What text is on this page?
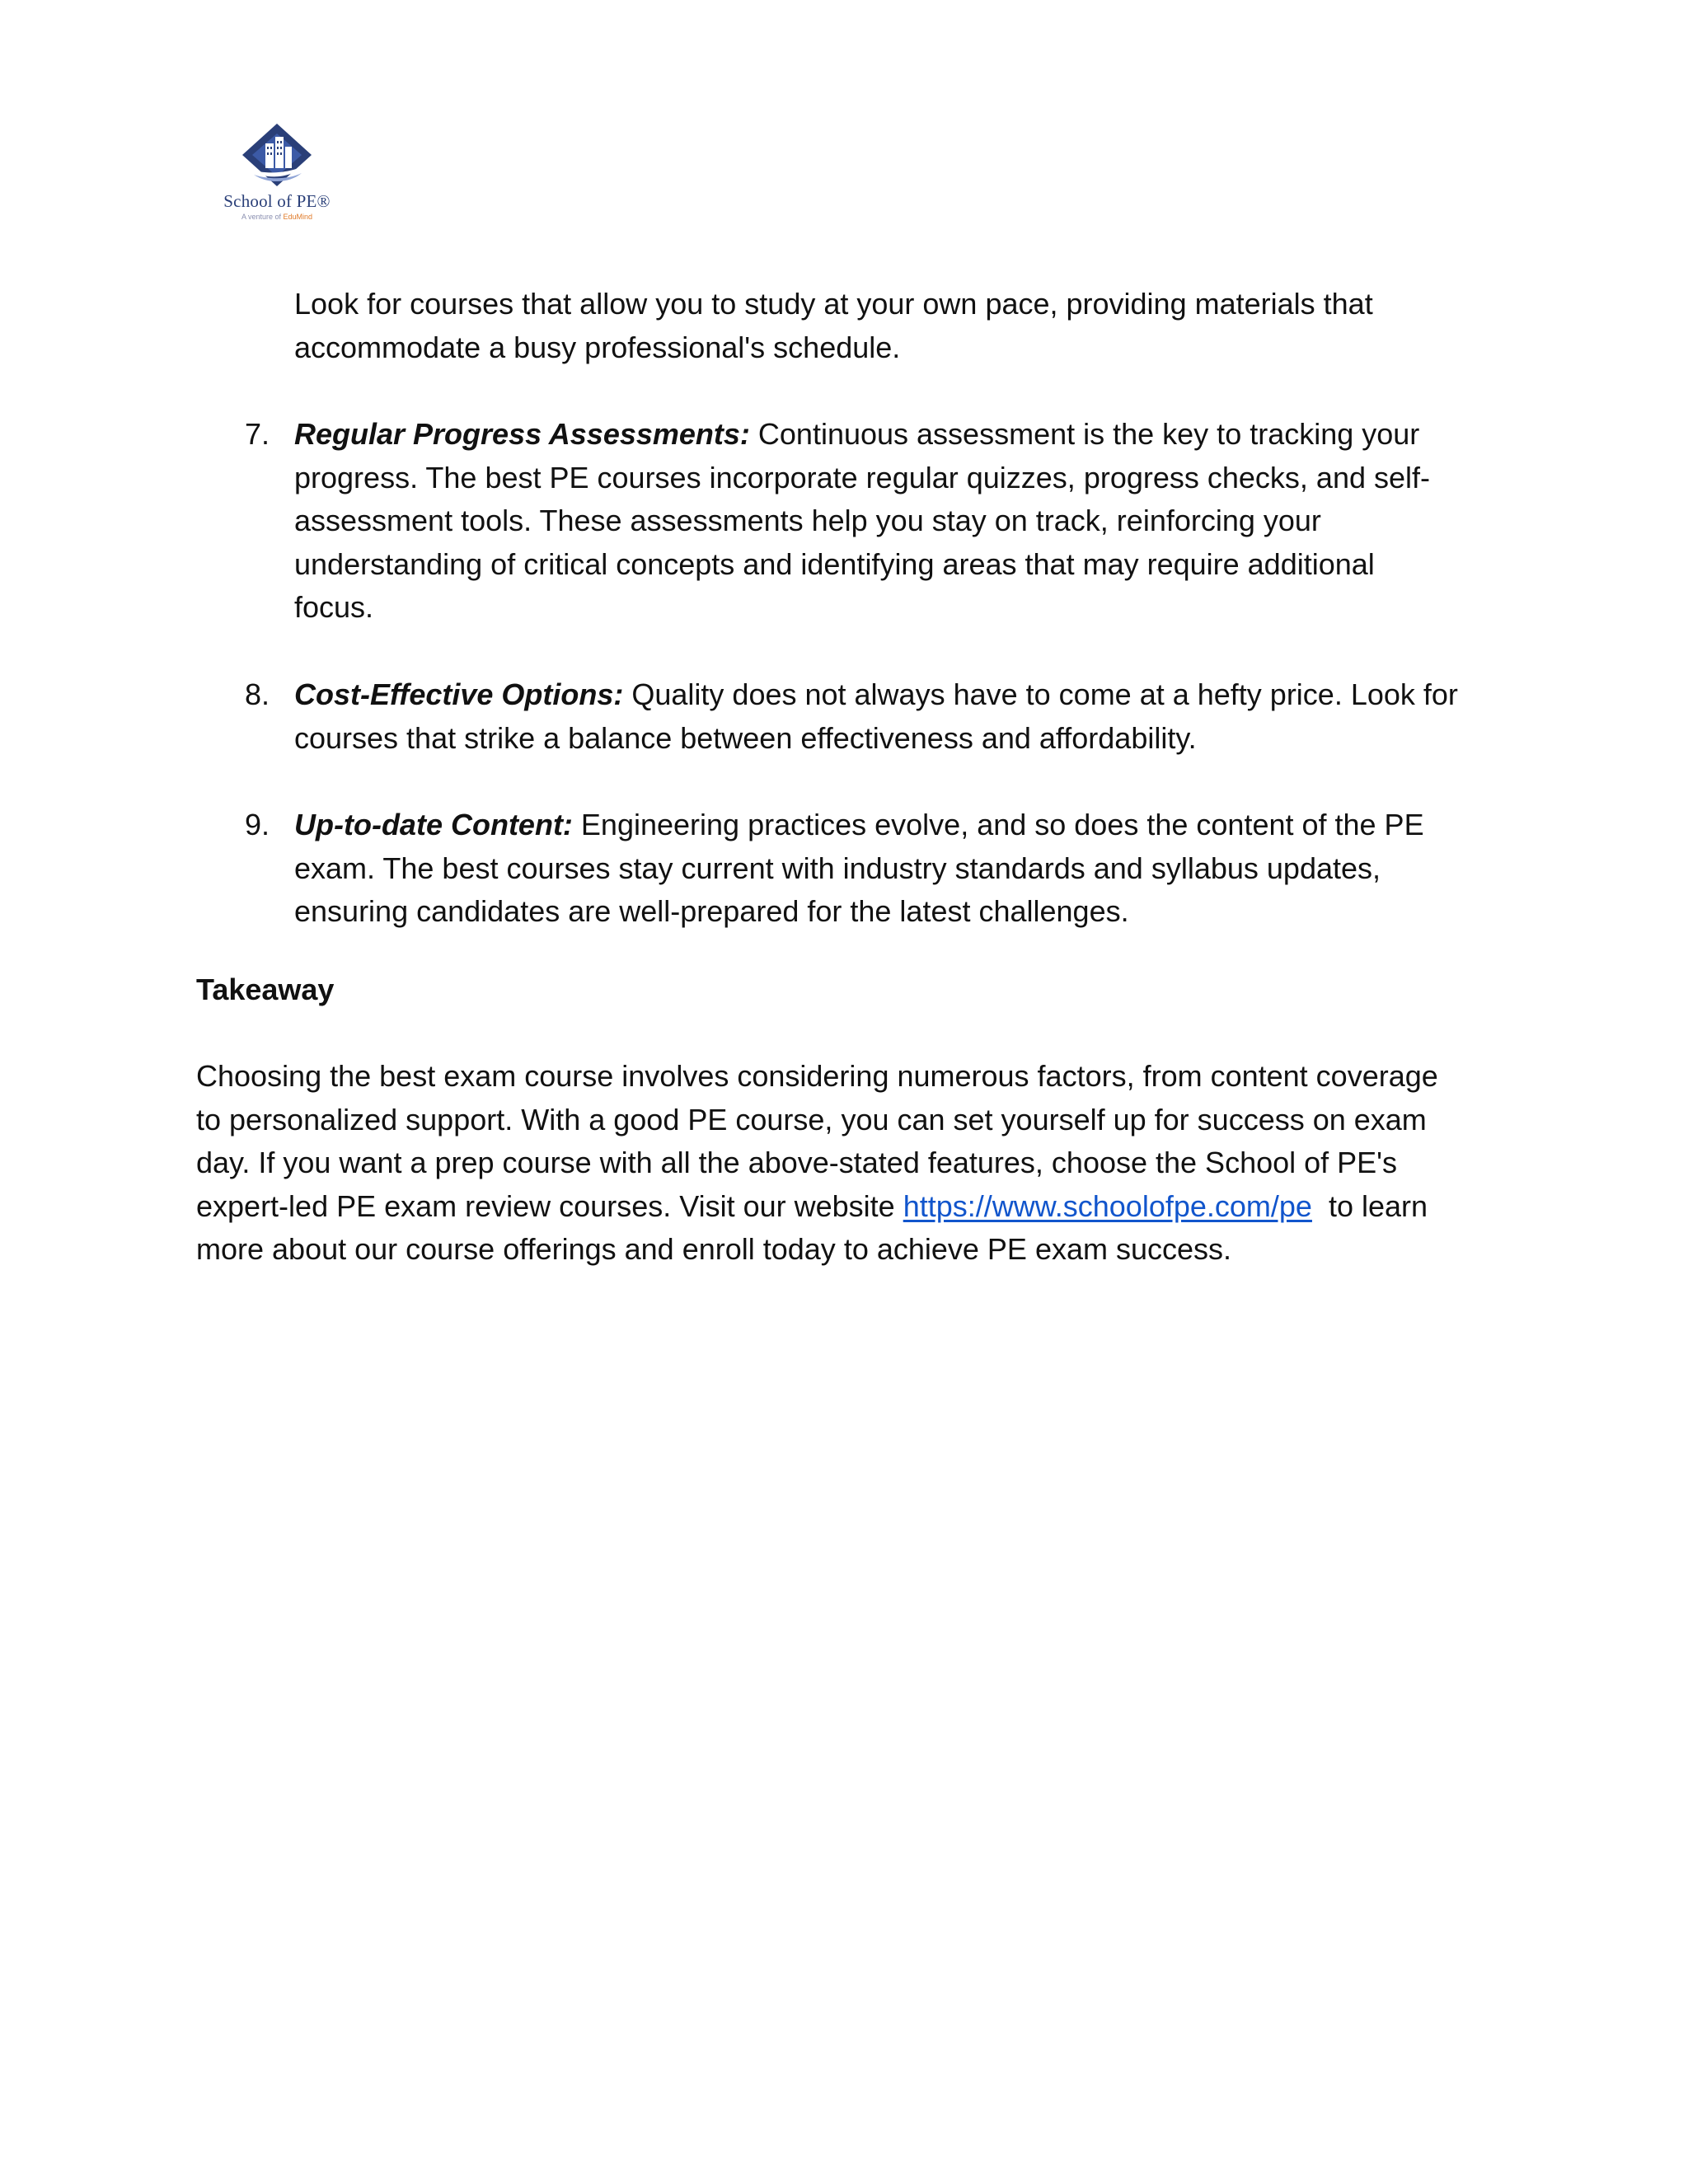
School of PE®
A venture of EduMind
Look for courses that allow you to study at your own pace, providing materials that
accommodate a busy professional's schedule.
7. Regular Progress Assessments: Continuous assessment is the key to tracking your
progress. The best PE courses incorporate regular quizzes, progress checks, and self-
assessment tools. These assessments help you stay on track, reinforcing your
understanding of critical concepts and identifying areas that may require additional
focus.
8. Cost-Effective Options: Quality does not always have to come at a hefty price. Look for
courses that strike a balance between effectiveness and affordability.
9. Up-to-date Content: Engineering practices evolve, and so does the content of the PE
exam. The best courses stay current with industry standards and syllabus updates,
ensuring candidates are well-prepared for the latest challenges.
Takeaway
Choosing the best exam course involves considering numerous factors, from content coverage
to personalized support. With a good PE course, you can set yourself up for success on exam
day. If you want a prep course with all the above-stated features, choose the School of PE's
expert-led PE exam review courses. Visit our website https://www.schoolofpe.com/pe  to learn
more about our course offerings and enroll today to achieve PE exam success.
